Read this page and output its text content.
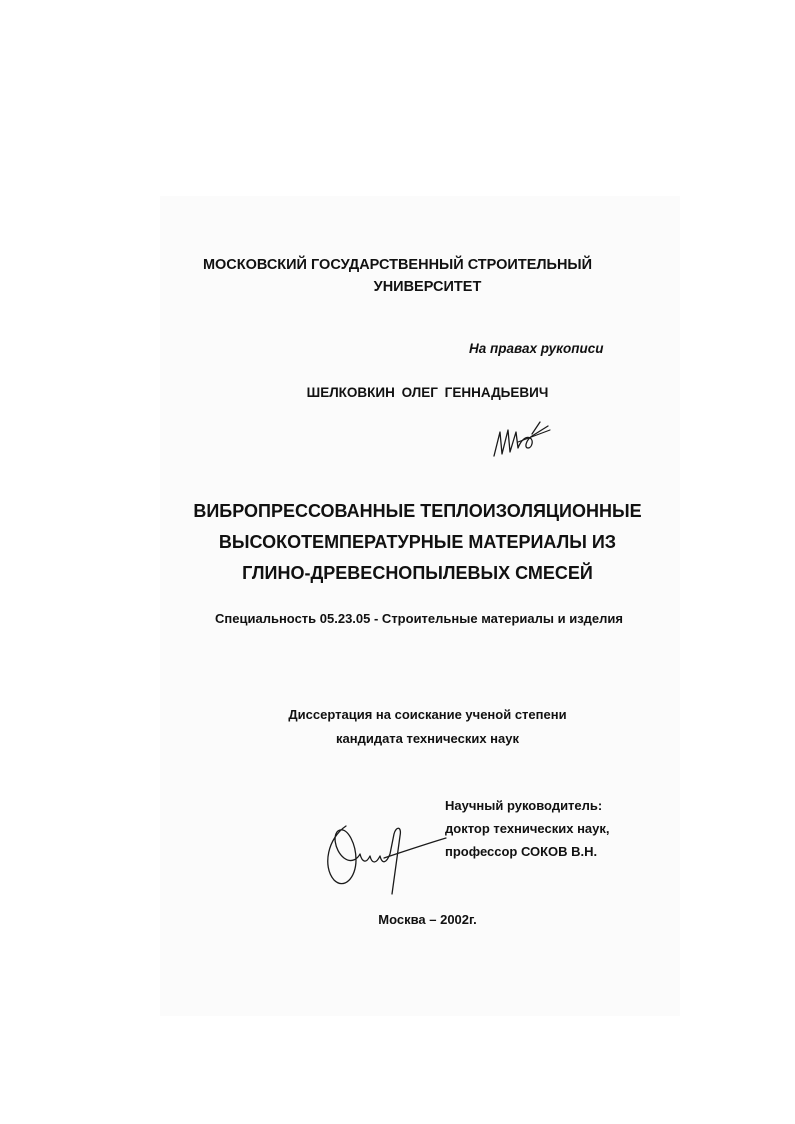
МОСКОВСКИЙ ГОСУДАРСТВЕННЫЙ СТРОИТЕЛЬНЫЙ
УНИВЕРСИТЕТ
На правах рукописи
ШЕЛКОВКИН ОЛЕГ ГЕННАДЬЕВИЧ
ВИБРОПРЕССОВАННЫЕ ТЕПЛОИЗОЛЯЦИОННЫЕ
ВЫСОКОТЕМПЕРАТУРНЫЕ МАТЕРИАЛЫ ИЗ
ГЛИНО-ДРЕВЕСНОПЫЛЕВЫХ СМЕСЕЙ
Специальность 05.23.05 - Строительные материалы и изделия
Диссертация на соискание ученой степени
кандидата технических наук
Научный руководитель:
доктор технических наук,
профессор СОКОВ В.Н.
Москва – 2002г.
